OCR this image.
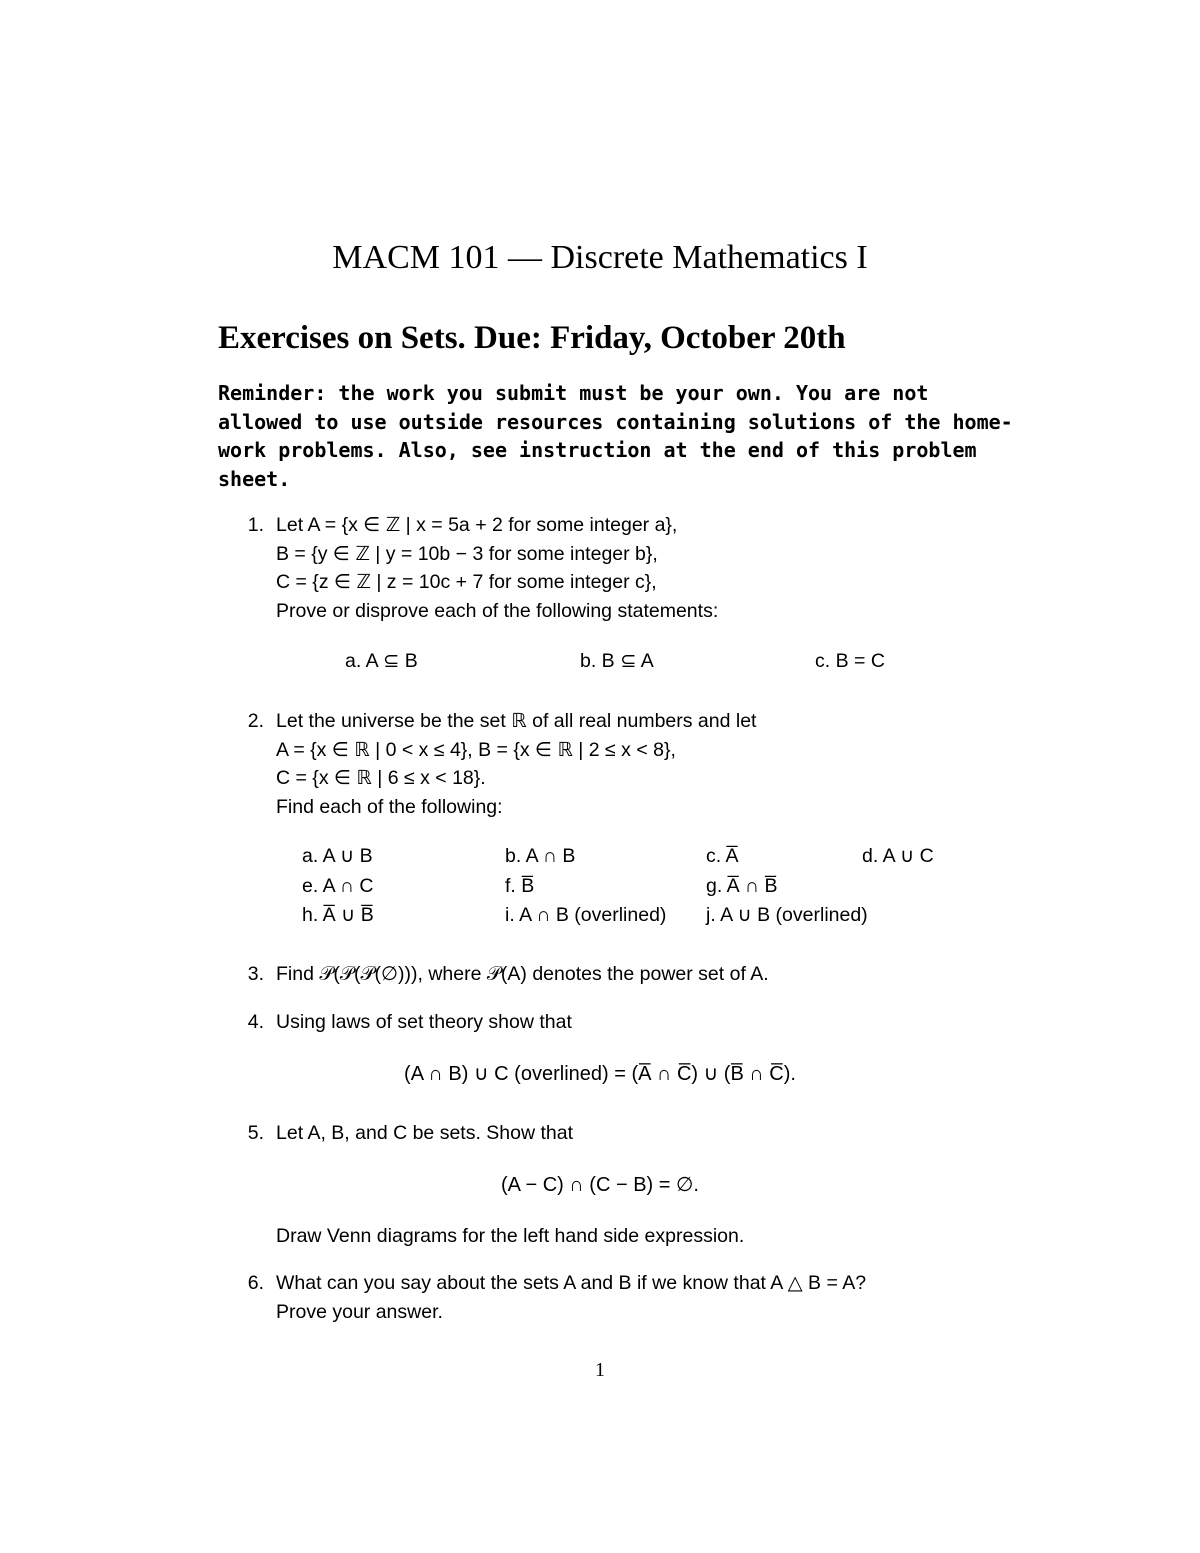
MACM 101 — Discrete Mathematics I
Exercises on Sets. Due: Friday, October 20th
Reminder: the work you submit must be your own. You are not
allowed to use outside resources containing solutions of the home-
work problems. Also, see instruction at the end of this problem
sheet.
1. Let A = {x ∈ ℤ | x = 5a + 2 for some integer a},
B = {y ∈ ℤ | y = 10b − 3 for some integer b},
C = {z ∈ ℤ | z = 10c + 7 for some integer c},
Prove or disprove each of the following statements:
a. A ⊆ B	b. B ⊆ A	c. B = C
2. Let the universe be the set ℝ of all real numbers and let
A = {x ∈ ℝ | 0 < x ≤ 4}, B = {x ∈ ℝ | 2 ≤ x < 8},
C = {x ∈ ℝ | 6 ≤ x < 18}.
Find each of the following:
a. A ∪ B	b. A ∩ B	c. A̅	d. A ∪ C
e. A ∩ C	f. B̅	g. A̅ ∩ B̅
h. A̅ ∪ B̅	i. A ∩ B (overlined) j. A ∪ B (overlined)
3. Find 𝒫(𝒫(𝒫(∅))), where 𝒫(A) denotes the power set of A.
4. Using laws of set theory show that
(A ∩ B) ∪ C (overlined) = (A̅ ∩ C̅) ∪ (B̅ ∩ C̅).
5. Let A, B, and C be sets. Show that
(A − C) ∩ (C − B) = ∅.
Draw Venn diagrams for the left hand side expression.
6. What can you say about the sets A and B if we know that A △ B = A?
Prove your answer.
1
